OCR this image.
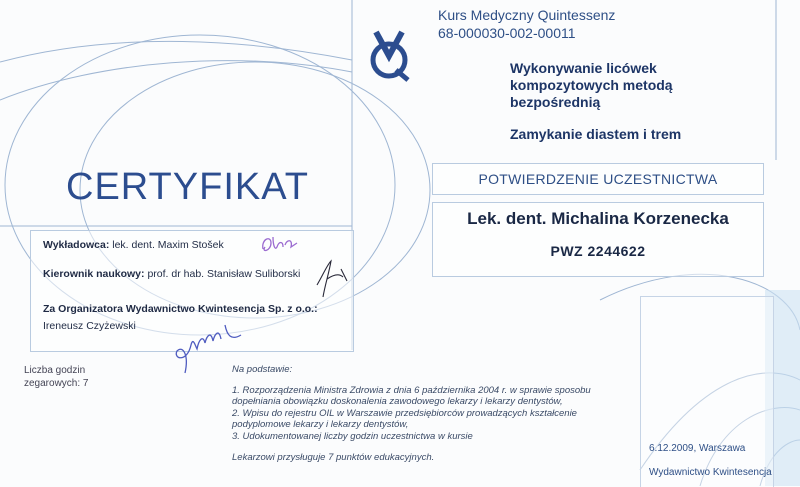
Kurs Medyczny Quintessenz
68-000030-002-00011
Wykonywanie licówek
kompozytowych metodą
bezpośrednią
Zamykanie diastem i trem
POTWIERDZENIE UCZESTNICTWA
Lek. dent. Michalina Korzenecka
PWZ 2244622
CERTYFIKAT
Wykładowca: lek. dent. Maxim Stošek
Kierownik naukowy: prof. dr hab. Stanisław Suliborski
Za Organizatora Wydawnictwo Kwintesencja Sp. z o.o.:
Ireneusz Czyżewski
Liczba godzin
zegarowych: 7

Na podstawie:

1. Rozporządzenia Ministra Zdrowia z dnia 6 października 2004 r. w sprawie sposobu

dopełniania obowiązku doskonalenia zawodowego lekarzy i lekarzy dentystów,

2. Wpisu do rejestru OIL w Warszawie przedsiębiorców prowadzących kształcenie

podyplomowe lekarzy i lekarzy dentystów,

3. Udokumentowanej liczby godzin uczestnictwa w kursie

Lekarzowi przysługuje 7 punktów edukacyjnych.

6.12.2009, Warszawa
Wydawnictwo Kwintesencja
